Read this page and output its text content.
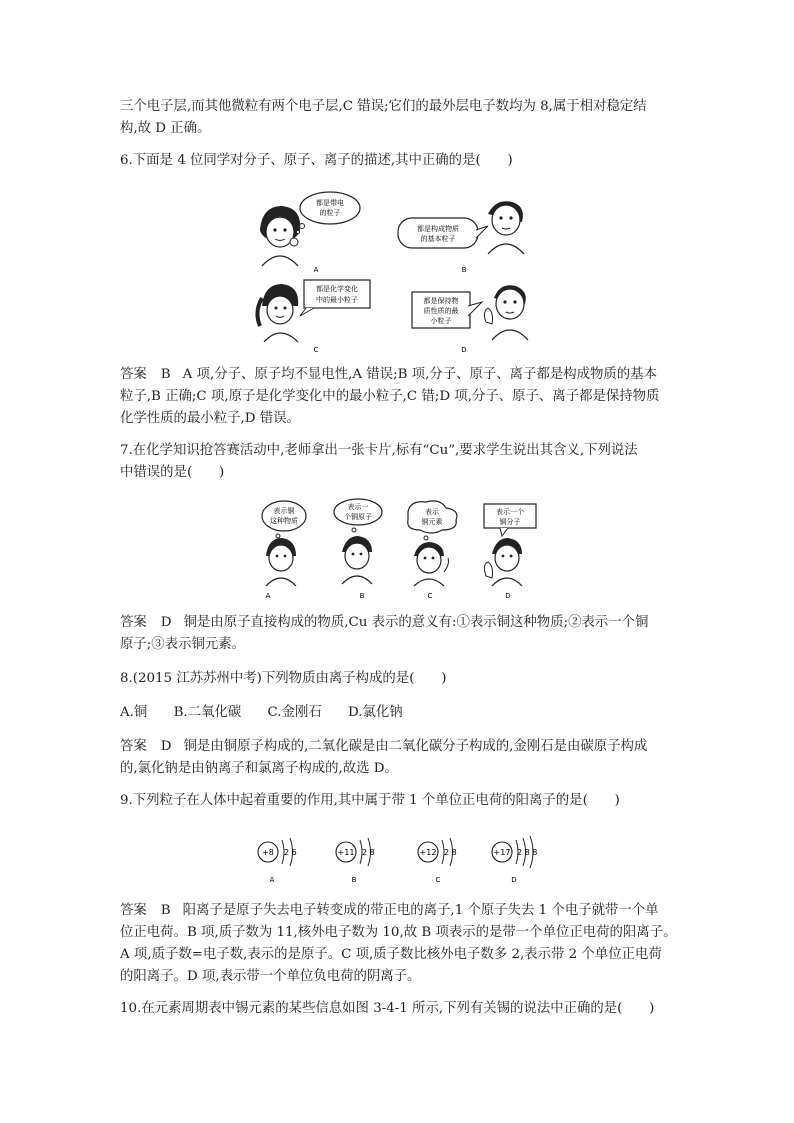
三个电子层,而其他微粒有两个电子层,C 错误;它们的最外层电子数均为 8,属于相对稳定结
构,故 D 正确。
6.下面是 4 位同学对分子、原子、离子的描述,其中正确的是(　　)
都是带电
的粒子
A
都是构成物质
的基本粒子
B
都是化学变化
中的最小粒子
C
都是保持物
质性质的最
小粒子
D
答案 B A 项,分子、原子均不显电性,A 错误;B 项,分子、原子、离子都是构成物质的基本
粒子,B 正确;C 项,原子是化学变化中的最小粒子,C 错;D 项,分子、原子、离子都是保持物质
化学性质的最小粒子,D 错误。
7.在化学知识抢答赛活动中,老师拿出一张卡片,标有“Cu”,要求学生说出其含义,下列说法
中错误的是(　　)
表示铜
这种物质
A
表示一
个铜原子
B
表示
铜元素
C
表示一个
铜分子
D
答案 D 铜是由原子直接构成的物质,Cu 表示的意义有:①表示铜这种物质;②表示一个铜
原子;③表示铜元素。
8.(2015 江苏苏州中考)下列物质由离子构成的是(　　)
A.铜 B.二氧化碳 C.金刚石 D.氯化钠
答案 D 铜是由铜原子构成的,二氧化碳是由二氧化碳分子构成的,金刚石是由碳原子构成
的,氯化钠是由钠离子和氯离子构成的,故选 D。
9.下列粒子在人体中起着重要的作用,其中属于带 1 个单位正电荷的阳离子的是(　　)
+8 2 6
A
+11 2 8
B
+12 2 8
C
+17 2 8 8
D
答案 B 阳离子是原子失去电子转变成的带正电的离子,1 个原子失去 1 个电子就带一个单
位正电荷。B 项,质子数为 11,核外电子数为 10,故 B 项表示的是带一个单位正电荷的阳离子。
A 项,质子数=电子数,表示的是原子。C 项,质子数比核外电子数多 2,表示带 2 个单位正电荷
的阳离子。D 项,表示带一个单位负电荷的阴离子。
10.在元素周期表中锡元素的某些信息如图 3-4-1 所示,下列有关锡的说法中正确的是(　　)
